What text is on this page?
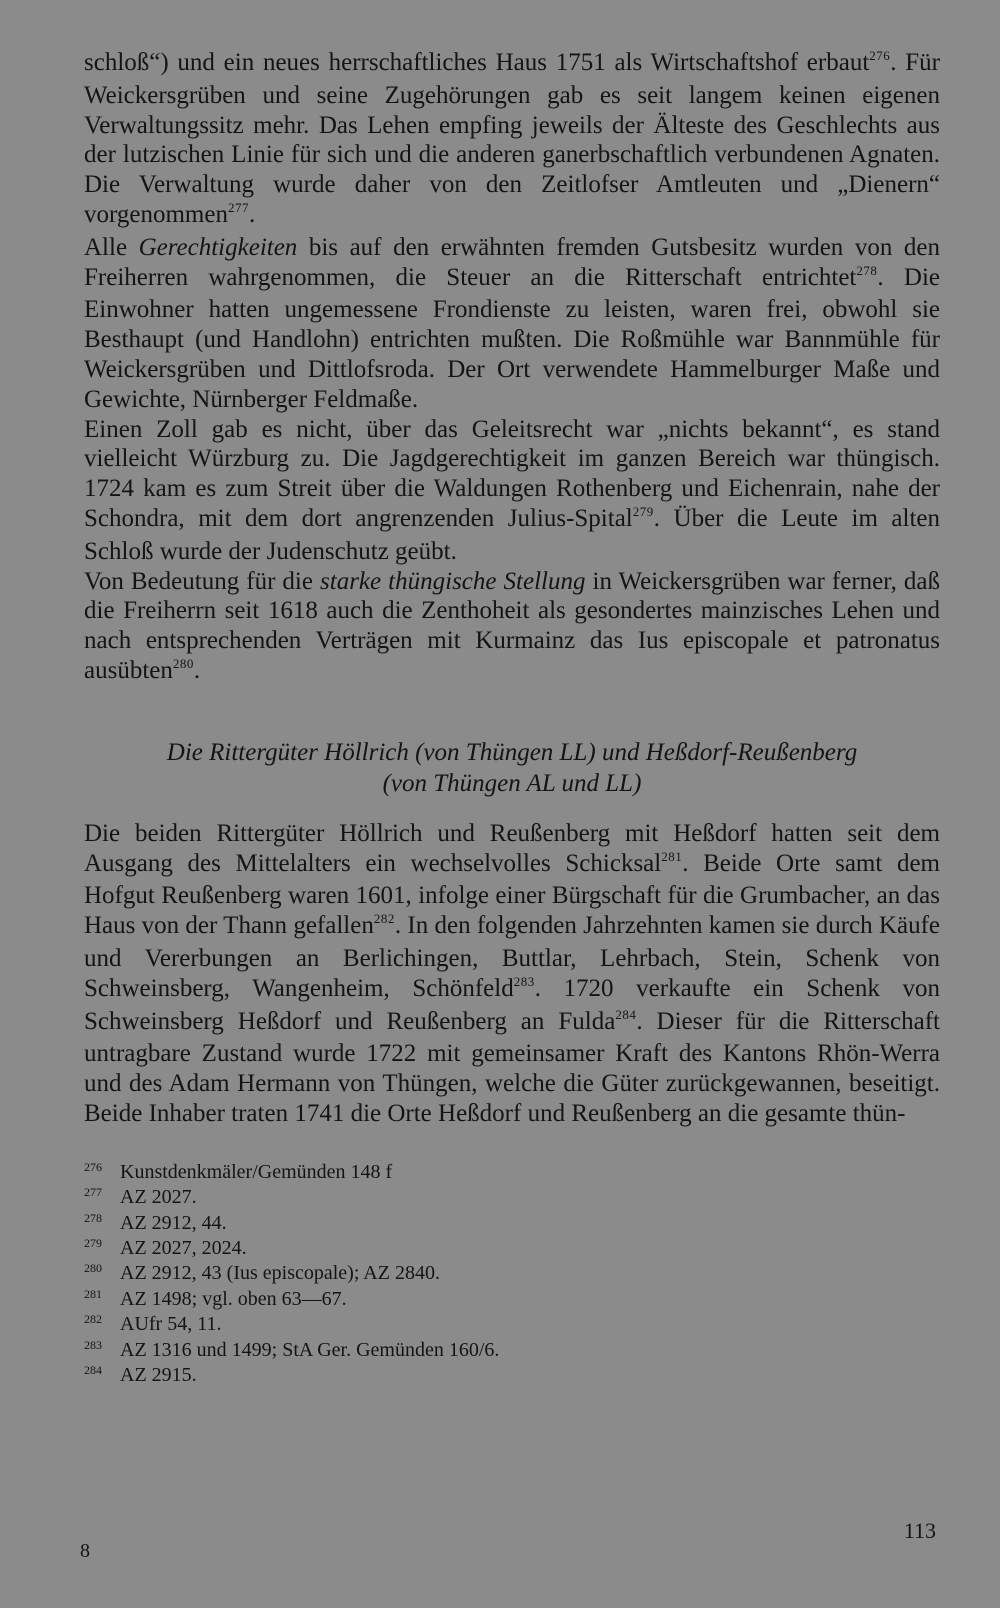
schloß“) und ein neues herrschaftliches Haus 1751 als Wirtschaftshof erbaut$^{276}$. Für Weickersgrüben und seine Zugehörungen gab es seit langem keinen eigenen Verwaltungssitz mehr. Das Lehen empfing jeweils der Älteste des Geschlechts aus der lutzischen Linie für sich und die anderen ganerbschaftlich verbundenen Agnaten. Die Verwaltung wurde daher von den Zeitlofser Amtleuten und „Dienern“ vorgenommen$^{277}$.

Alle Gerechtigkeiten bis auf den erwähnten fremden Gutsbesitz wurden von den Freiherren wahrgenommen, die Steuer an die Ritterschaft entrichtet$^{278}$. Die Einwohner hatten ungemessene Frondienste zu leisten, waren frei, obwohl sie Besthaupt (und Handlohn) entrichten mußten. Die Roßmühle war Bannmühle für Weickersgrüben und Dittlofsroda. Der Ort verwendete Hammelburger Maße und Gewichte, Nürnberger Feldmaße.

Einen Zoll gab es nicht, über das Geleitsrecht war „nichts bekannt“, es stand vielleicht Würzburg zu. Die Jagdgerechtigkeit im ganzen Bereich war thüngisch. 1724 kam es zum Streit über die Waldungen Rothenberg und Eichenrain, nahe der Schondra, mit dem dort angrenzenden Julius-Spital$^{279}$. Über die Leute im alten Schloß wurde der Judenschutz geübt.

Von Bedeutung für die starke thüngische Stellung in Weickersgrüben war ferner, daß die Freiherrn seit 1618 auch die Zenthoheit als gesondertes mainzisches Lehen und nach entsprechenden Verträgen mit Kurmainz das Ius episcopale et patronatus ausübten$^{280}$.

Die Rittergüter Höllrich (von Thüngen LL) und Heßdorf-Reußenberg
(von Thüngen AL und LL)

Die beiden Rittergüter Höllrich und Reußenberg mit Heßdorf hatten seit dem Ausgang des Mittelalters ein wechselvolles Schicksal$^{281}$. Beide Orte samt dem Hofgut Reußenberg waren 1601, infolge einer Bürgschaft für die Grumbacher, an das Haus von der Thann gefallen$^{282}$. In den folgenden Jahrzehnten kamen sie durch Käufe und Vererbungen an Berlichingen, Buttlar, Lehrbach, Stein, Schenk von Schweinsberg, Wangenheim, Schönfeld$^{283}$. 1720 verkaufte ein Schenk von Schweinsberg Heßdorf und Reußenberg an Fulda$^{284}$. Dieser für die Ritterschaft untragbare Zustand wurde 1722 mit gemeinsamer Kraft des Kantons Rhön-Werra und des Adam Hermann von Thüngen, welche die Güter zurückgewannen, beseitigt. Beide Inhaber traten 1741 die Orte Heßdorf und Reußenberg an die gesamte thün-

276 Kunstdenkmäler/Gemünden 148 f
277 AZ 2027.
278 AZ 2912, 44.
279 AZ 2027, 2024.
280 AZ 2912, 43 (Ius episcopale); AZ 2840.
281 AZ 1498; vgl. oben 63—67.
282 AUfr 54, 11.
283 AZ 1316 und 1499; StA Ger. Gemünden 160/6.
284 AZ 2915.
113
8
